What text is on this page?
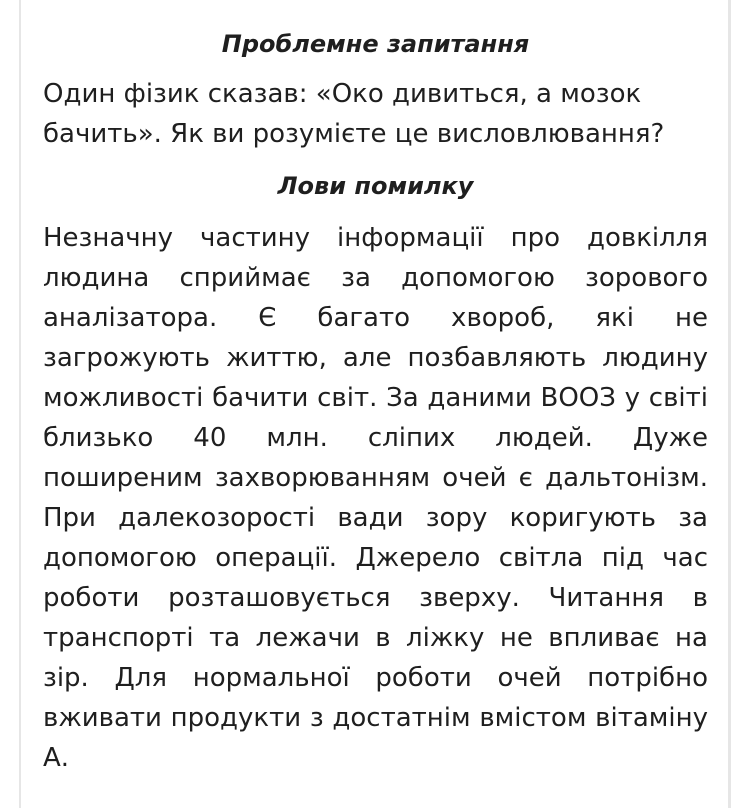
Проблемне запитання

Один фізик сказав: «Око дивиться, а мозок бачить». Як ви розумієте це висловлювання?

Лови помилку

Незначну частину інформації про довкілля людина сприймає за допомогою зорового аналізатора. Є багато хвороб, які не загрожують життю, але позбавляють людину можливості бачити світ. За даними ВООЗ у світі близько 40 млн. сліпих людей. Дуже поширеним захворюванням очей є дальтонізм. При далекозорості вади зору коригують за допомогою операції. Джерело світла під час роботи розташовується зверху. Читання в транспорті та лежачи в ліжку не впливає на зір. Для нормальної роботи очей потрібно вживати продукти з достатнім вмістом вітаміну А.
